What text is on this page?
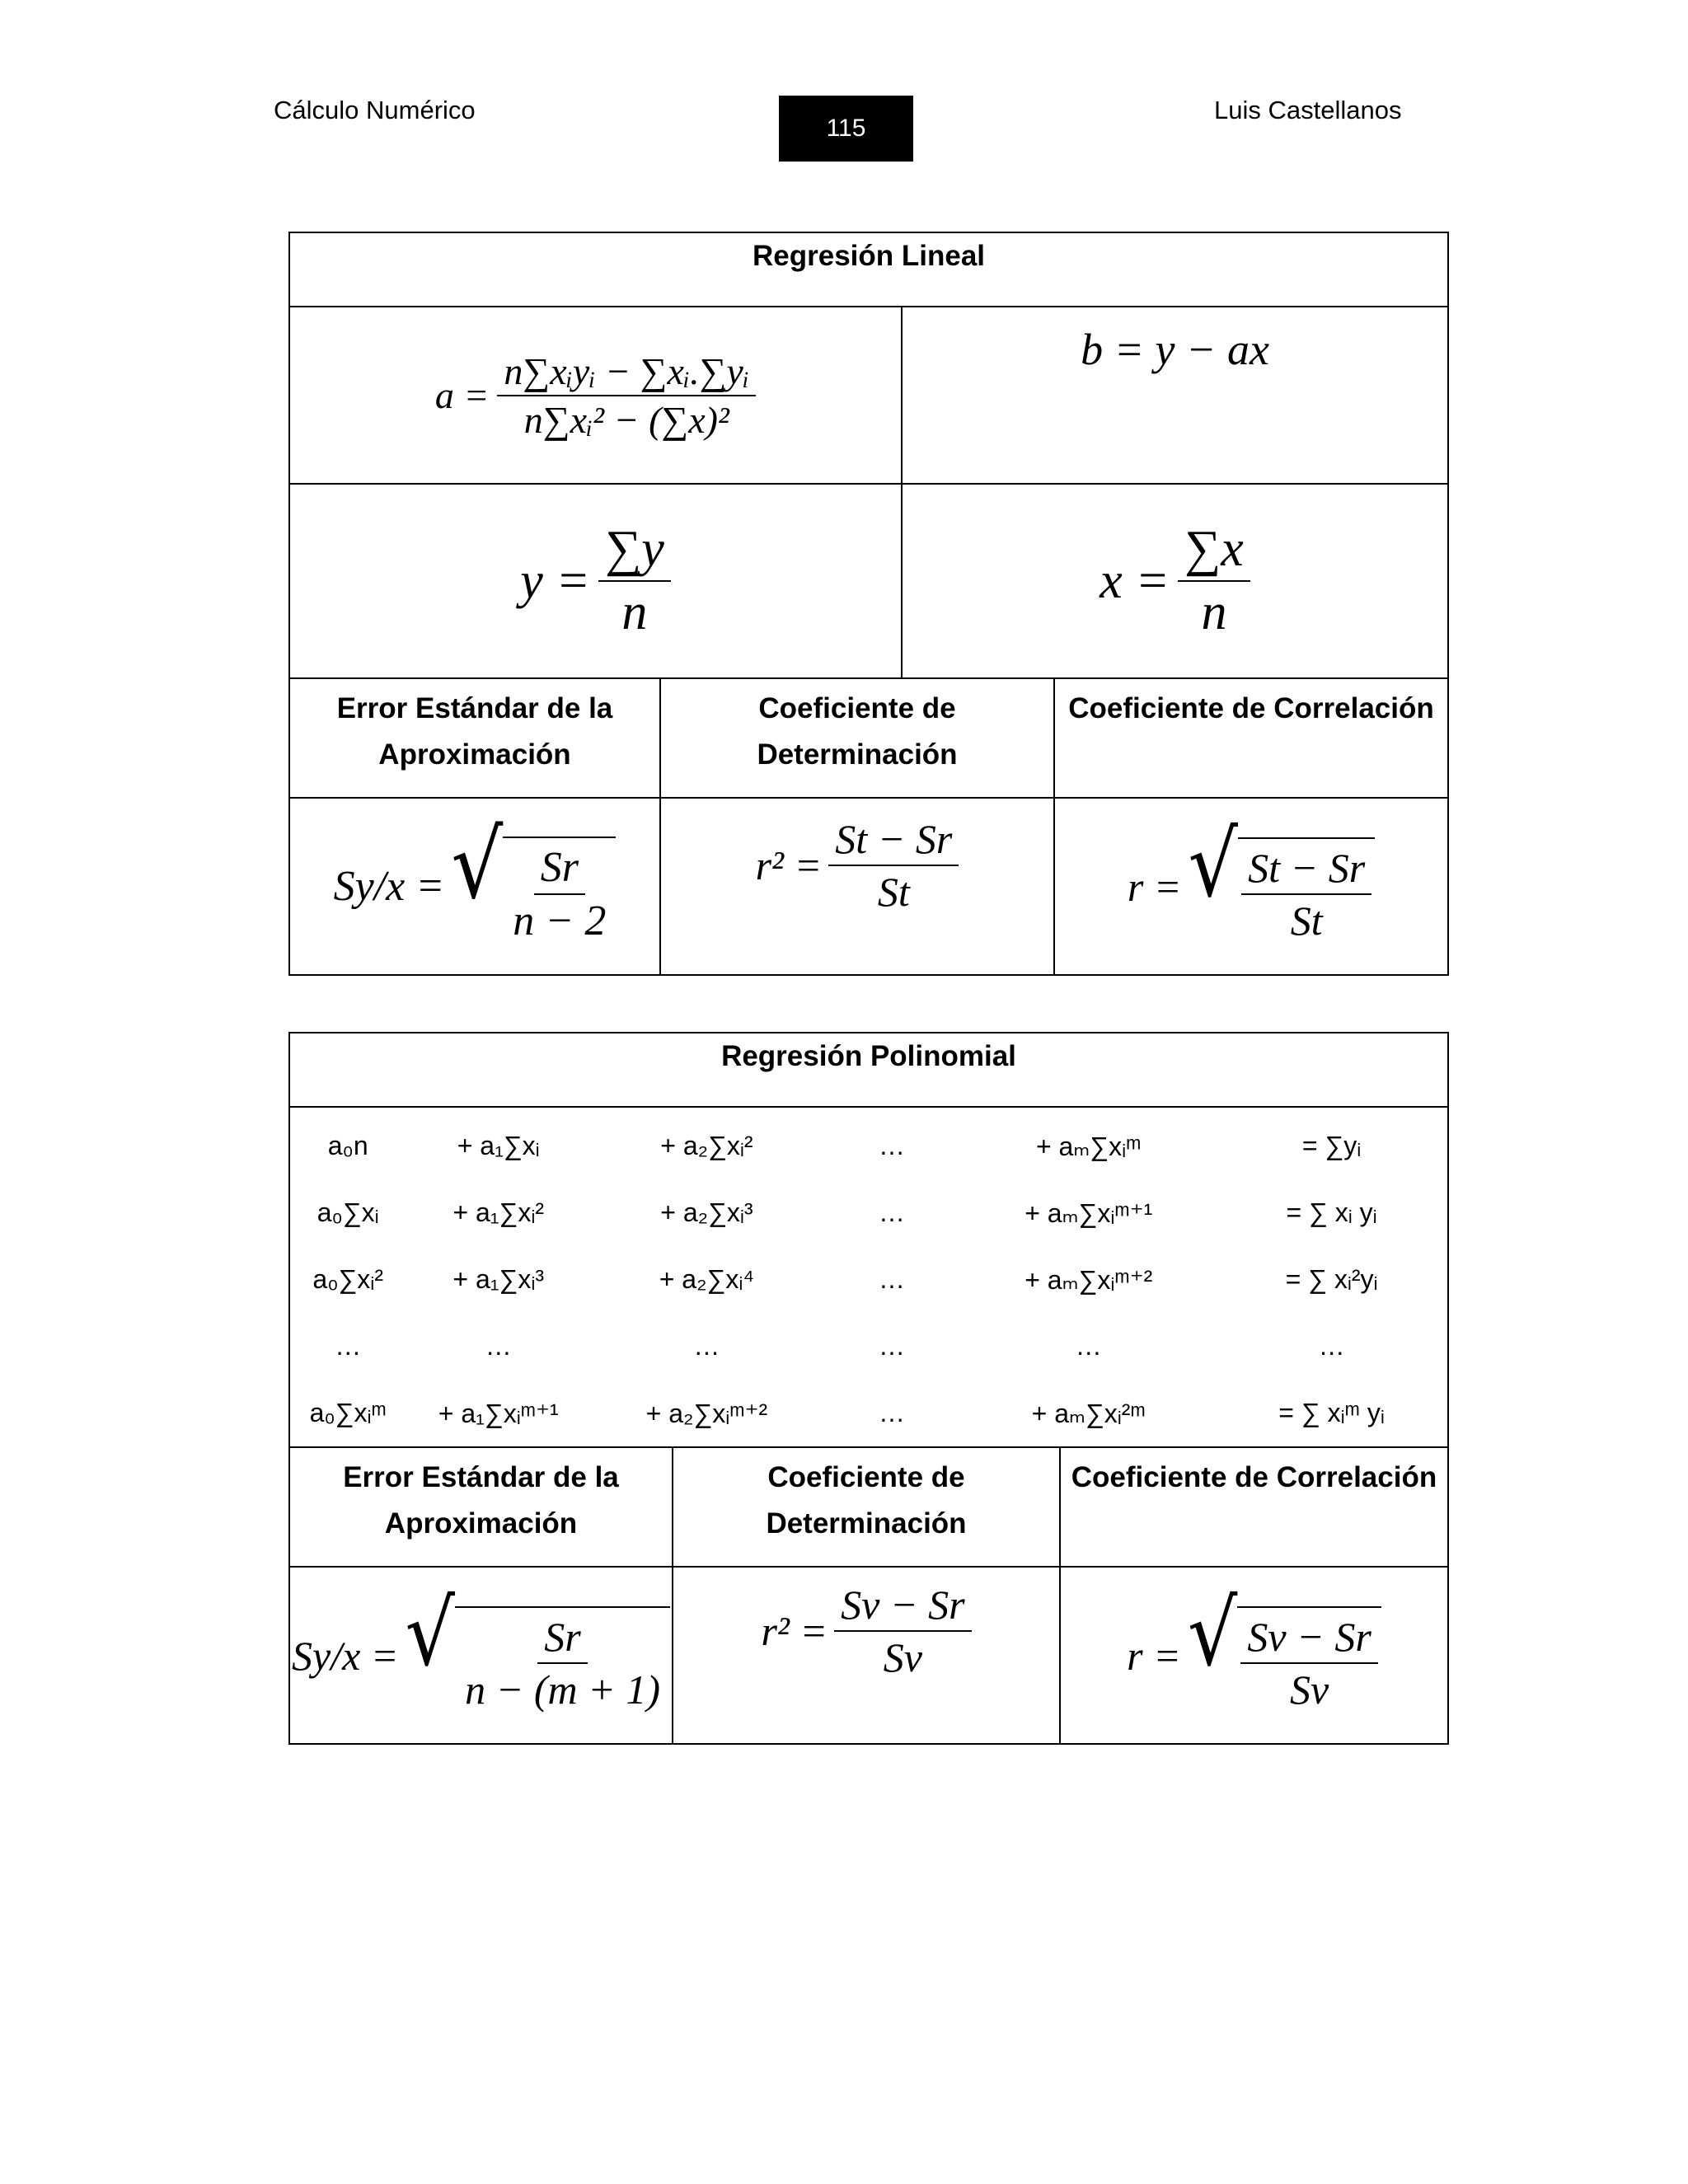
Cálculo Numérico
115
Luis Castellanos
Regresión Lineal			

$a = \frac{\text{n∑xᵢyᵢ − ∑xᵢ.∑yᵢ}}{\text{n∑xᵢ² − (∑x)²}}$		b = y − ax	

$y = \frac{\sum y}{n}$		$x = \frac{\sum x}{n}$

Error Estándar de la Aproximación	Coeficiente de Determinación		Coeficiente de Correlación

Sy/x = √ $\frac{Sr}{n - 2}$	$r^2 = \frac{St - Sr}{St}$		r = √ $\frac{St - Sr}{St}$
Regresión Polinomial

a₀n	+ a₁∑xᵢ	+ a₂∑xᵢ²	…	+ aₘ∑xᵢᵐ	= ∑yᵢ
a₀∑xᵢ	+ a₁∑xᵢ²	+ a₂∑xᵢ³	…	+ aₘ∑xᵢᵐ⁺¹	= ∑ xᵢ yᵢ
a₀∑xᵢ²	+ a₁∑xᵢ³	+ a₂∑xᵢ⁴	…	+ aₘ∑xᵢᵐ⁺²	= ∑ xᵢ²yᵢ
…	…	…	…	…	…
a₀∑xᵢᵐ	+ a₁∑xᵢᵐ⁺¹	+ a₂∑xᵢᵐ⁺²	…	+ aₘ∑xᵢ²ᵐ	= ∑ xᵢᵐ yᵢ

Error Estándar de la Aproximación	Coeficiente de Determinación	Coeficiente de Correlación

Sy/x = √ $\frac{Sr}{n - (m + 1)}$	$r^2 = \frac{Sv - Sr}{Sv}$	r = √ $\frac{Sv - Sr}{Sv}$
